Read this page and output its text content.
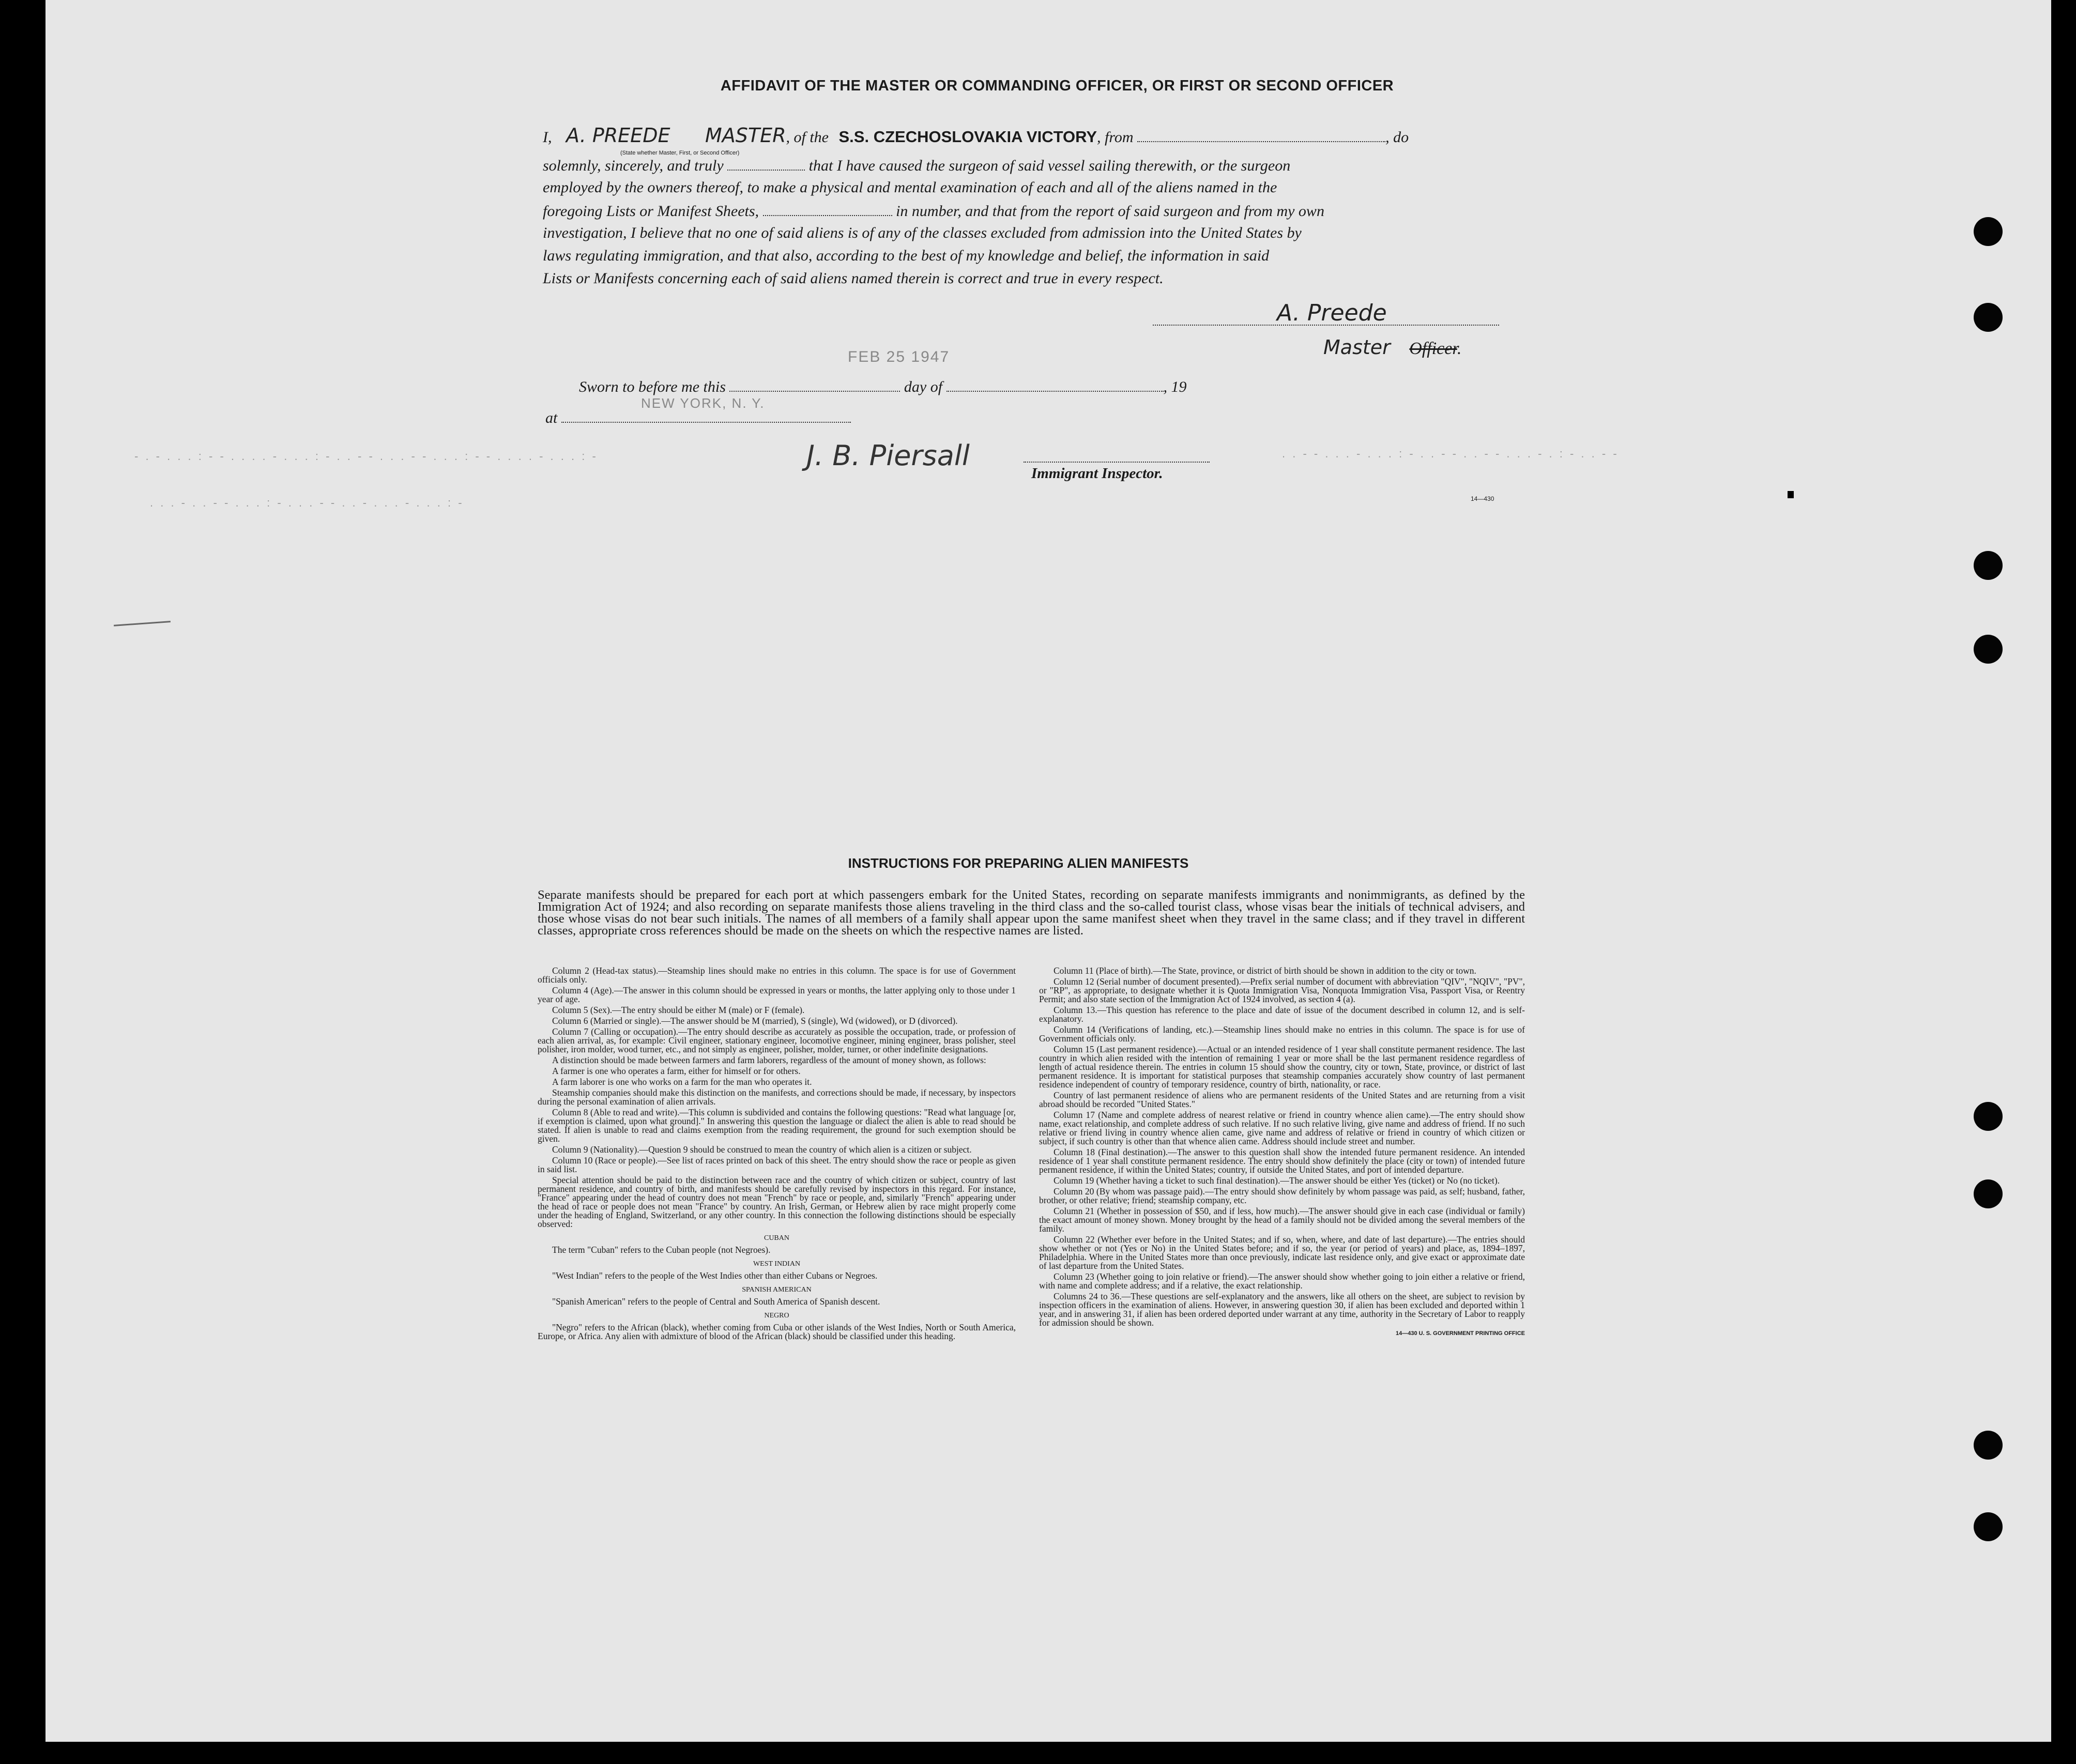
AFFIDAVIT OF THE MASTER OR COMMANDING OFFICER, OR FIRST OR SECOND OFFICER
I, A. PREEDE MASTER, of the S.S. CZECHOSLOVAKIA VICTORY, from	, do
(State whether Master, First, or Second Officer)
solemnly, sincerely, and truly	that I have caused the surgeon of said vessel sailing therewith, or the surgeon
employed by the owners thereof, to make a physical and mental examination of each and all of the aliens named in the
foregoing Lists or Manifest Sheets,	in number, and that from the report of said surgeon and from my own
investigation, I believe that no one of said aliens is of any of the classes excluded from admission into the United States by
laws regulating immigration, and that also, according to the best of my knowledge and belief, the information in said
Lists or Manifests concerning each of said aliens named therein is correct and true in every respect.
A. Preede
Master Officer.
FEB 25 1947
Sworn to before me this	day of	, 19
NEW YORK, N. Y.
at
J. B. Piersall
Immigrant Inspector.
14—430
- . - . . . : - - . . . . - . . . : - . . - - . . . - - . . . : - - . . . . - . . . : -	. . - - . . . - . . . : - . . - - . . - - . . . - . : - . . - -
. . . - . . - - . . . : - . . . - - . . - . . . - . . . : -
INSTRUCTIONS FOR PREPARING ALIEN MANIFESTS
Separate manifests should be prepared for each port at which passengers embark for the United States, recording on separate manifests immigrants and nonimmigrants, as defined by the Immigration Act of 1924; and also recording on separate manifests those aliens traveling in the third class and the so-called tourist class, whose visas bear the initials of technical advisers, and those whose visas do not bear such initials. The names of all members of a family shall appear upon the same manifest sheet when they travel in the same class; and if they travel in different classes, appropriate cross references should be made on the sheets on which the respective names are listed.

Column 2 (Head-tax status).—Steamship lines should make no entries in this column. The space is for use of Government officials only.

Column 4 (Age).—The answer in this column should be expressed in years or months, the latter applying only to those under 1 year of age.

Column 5 (Sex).—The entry should be either M (male) or F (female).

Column 6 (Married or single).—The answer should be M (married), S (single), Wd (widowed), or D (divorced).

Column 7 (Calling or occupation).—The entry should describe as accurately as possible the occupation, trade, or profession of each alien arrival, as, for example: Civil engineer, stationary engineer, locomotive engineer, mining engineer, brass polisher, steel polisher, iron molder, wood turner, etc., and not simply as engineer, polisher, molder, turner, or other indefinite designations.

A distinction should be made between farmers and farm laborers, regardless of the amount of money shown, as follows:

A farmer is one who operates a farm, either for himself or for others.

A farm laborer is one who works on a farm for the man who operates it.

Steamship companies should make this distinction on the manifests, and corrections should be made, if necessary, by inspectors during the personal examination of alien arrivals.

Column 8 (Able to read and write).—This column is subdivided and contains the following questions: "Read what language [or, if exemption is claimed, upon what ground]." In answering this question the language or dialect the alien is able to read should be stated. If alien is unable to read and claims exemption from the reading requirement, the ground for such exemption should be given.

Column 9 (Nationality).—Question 9 should be construed to mean the country of which alien is a citizen or subject.

Column 10 (Race or people).—See list of races printed on back of this sheet. The entry should show the race or people as given in said list.

Special attention should be paid to the distinction between race and the country of which citizen or subject, country of last permanent residence, and country of birth, and manifests should be carefully revised by inspectors in this regard. For instance, "France" appearing under the head of country does not mean "French" by race or people, and, similarly "French" appearing under the head of race or people does not mean "France" by country. An Irish, German, or Hebrew alien by race might properly come under the heading of England, Switzerland, or any other country. In this connection the following distinctions should be especially observed:

CUBAN

The term "Cuban" refers to the Cuban people (not Negroes).

WEST INDIAN

"West Indian" refers to the people of the West Indies other than either Cubans or Negroes.

SPANISH AMERICAN

"Spanish American" refers to the people of Central and South America of Spanish descent.

NEGRO

"Negro" refers to the African (black), whether coming from Cuba or other islands of the West Indies, North or South America, Europe, or Africa. Any alien with admixture of blood of the African (black) should be classified under this heading.

Column 11 (Place of birth).—The State, province, or district of birth should be shown in addition to the city or town.

Column 12 (Serial number of document presented).—Prefix serial number of document with abbreviation "QIV", "NQIV", "PV", or "RP", as appropriate, to designate whether it is Quota Immigration Visa, Nonquota Immigration Visa, Passport Visa, or Reentry Permit; and also state section of the Immigration Act of 1924 involved, as section 4 (a).

Column 13.—This question has reference to the place and date of issue of the document described in column 12, and is self-explanatory.

Column 14 (Verifications of landing, etc.).—Steamship lines should make no entries in this column. The space is for use of Government officials only.

Column 15 (Last permanent residence).—Actual or an intended residence of 1 year shall constitute permanent residence. The last country in which alien resided with the intention of remaining 1 year or more shall be the last permanent residence regardless of length of actual residence therein. The entries in column 15 should show the country, city or town, State, province, or district of last permanent residence. It is important for statistical purposes that steamship companies accurately show country of last permanent residence independent of country of temporary residence, country of birth, nationality, or race.

Country of last permanent residence of aliens who are permanent residents of the United States and are returning from a visit abroad should be recorded "United States."

Column 17 (Name and complete address of nearest relative or friend in country whence alien came).—The entry should show name, exact relationship, and complete address of such relative. If no such relative living, give name and address of friend. If no such relative or friend living in country whence alien came, give name and address of relative or friend in country of which citizen or subject, if such country is other than that whence alien came. Address should include street and number.

Column 18 (Final destination).—The answer to this question shall show the intended future permanent residence. An intended residence of 1 year shall constitute permanent residence. The entry should show definitely the place (city or town) of intended future permanent residence, if within the United States; country, if outside the United States, and port of intended departure.

Column 19 (Whether having a ticket to such final destination).—The answer should be either Yes (ticket) or No (no ticket).

Column 20 (By whom was passage paid).—The entry should show definitely by whom passage was paid, as self; husband, father, brother, or other relative; friend; steamship company, etc.

Column 21 (Whether in possession of $50, and if less, how much).—The answer should give in each case (individual or family) the exact amount of money shown. Money brought by the head of a family should not be divided among the several members of the family.

Column 22 (Whether ever before in the United States; and if so, when, where, and date of last departure).—The entries should show whether or not (Yes or No) in the United States before; and if so, the year (or period of years) and place, as, 1894–1897, Philadelphia. Where in the United States more than once previously, indicate last residence only, and give exact or approximate date of last departure from the United States.

Column 23 (Whether going to join relative or friend).—The answer should show whether going to join either a relative or friend, with name and complete address; and if a relative, the exact relationship.

Columns 24 to 36.—These questions are self-explanatory and the answers, like all others on the sheet, are subject to revision by inspection officers in the examination of aliens. However, in answering question 30, if alien has been excluded and deported within 1 year, and in answering 31, if alien has been ordered deported under warrant at any time, authority in the Secretary of Labor to reapply for admission should be shown.

14—430 U. S. GOVERNMENT PRINTING OFFICE
